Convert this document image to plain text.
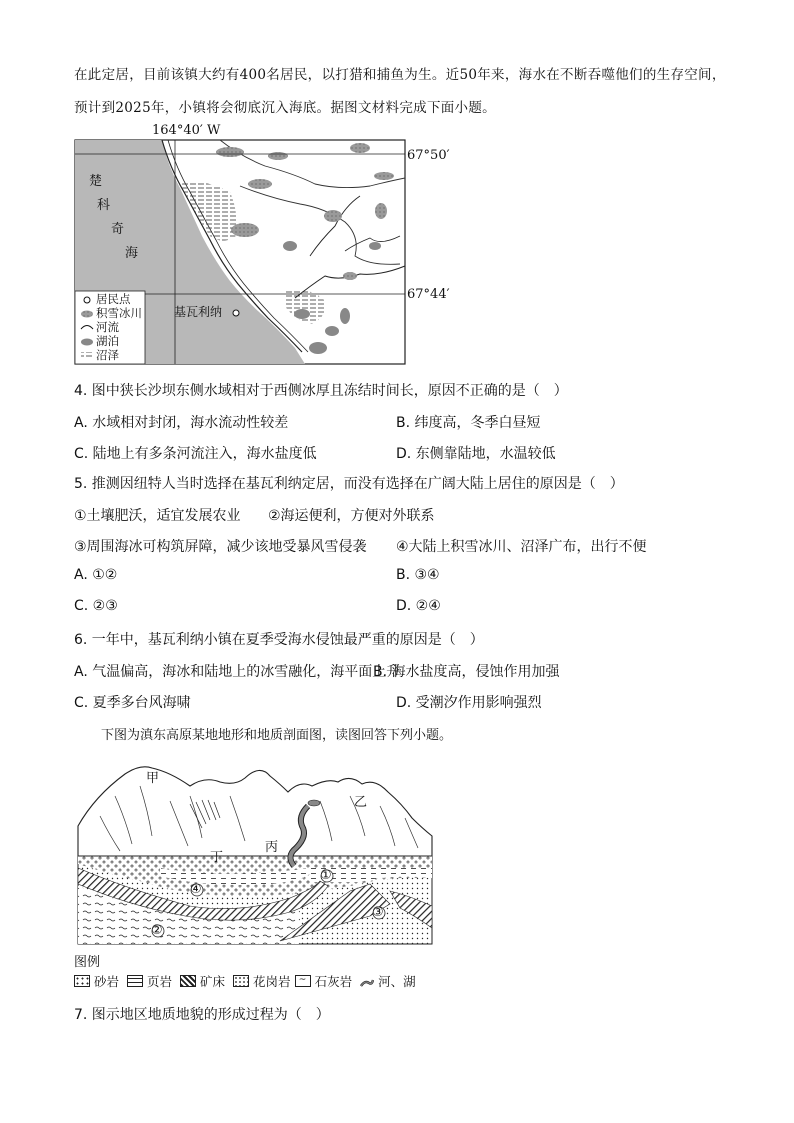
在此定居，目前该镇大约有400名居民，以打猎和捕鱼为生。近50年来，海水在不断吞噬他们的生存空间，
预计到2025年，小镇将会彻底沉入海底。据图文材料完成下面小题。
164°40′ W
67°50′
67°44′
楚
科
奇
海
基瓦利纳
居民点
积雪冰川
河流
湖泊
沼泽
4. 图中狭长沙坝东侧水域相对于西侧冰厚且冻结时间长，原因不正确的是（　）
A. 水域相对封闭，海水流动性较差	B. 纬度高，冬季白昼短
C. 陆地上有多条河流注入，海水盐度低	D. 东侧靠陆地，水温较低
5. 推测因纽特人当时选择在基瓦利纳定居，而没有选择在广阔大陆上居住的原因是（　）
①土壤肥沃，适宜发展农业 ②海运便利，方便对外联系
③周围海冰可构筑屏障，减少该地受暴风雪侵袭 ④大陆上积雪冰川、沼泽广布，出行不便
A. ①②	B. ③④
C. ②③	D. ②④
6. 一年中，基瓦利纳小镇在夏季受海水侵蚀最严重的原因是（　）
A. 气温偏高，海冰和陆地上的冰雪融化，海平面上升
B. 海水盐度高，侵蚀作用加强
C. 夏季多台风海啸	D. 受潮汐作用影响强烈
下图为滇东高原某地地形和地质剖面图，读图回答下列小题。
甲
乙
丙
丁
④
①
②
③
图例
砂岩 页岩 矿床 花岗岩 ~ 石灰岩 河、湖
7. 图示地区地质地貌的形成过程为（　）
